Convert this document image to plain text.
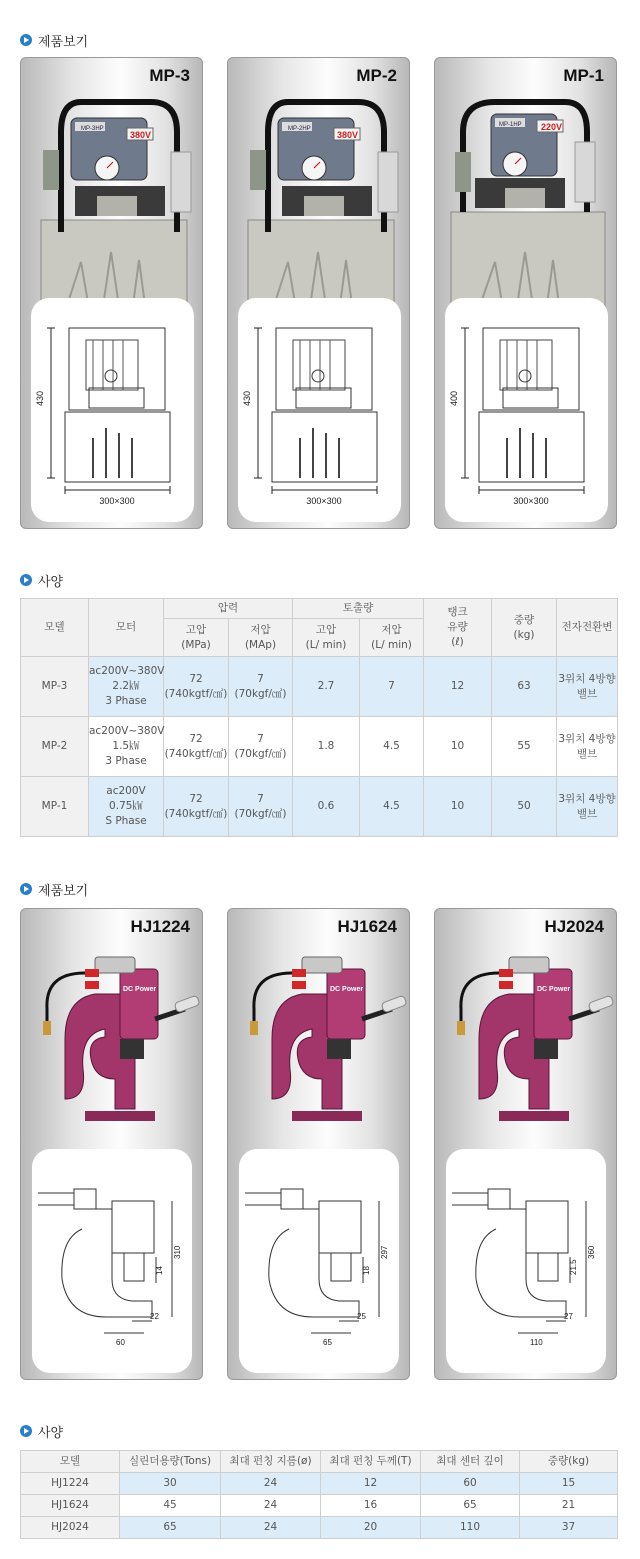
제품보기
MP-3
380V
MP-3HP
430
300×300
MP-2
380V
MP-2HP
430
300×300
MP-1
220V
MP-1HP
400
300×300
사양
모델	모터	압력		토출량		탱크
유량
(ℓ)	중량
(kg)	전자전환변
		고압
(MPa)	저압
(MAp)	고압
(L/ min)	저압
(L/ min)			
MP-3	ac200V~380V
2.2㎾
3 Phase	72
(740kgtf/㎠)	7
(70kgf/㎠)	2.7	7	12	63	3위치 4방향
밸브
MP-2	ac200V~380V
1.5㎾
3 Phase	72
(740kgtf/㎠)	7
(70kgf/㎠)	1.8	4.5	10	55	3위치 4방향
밸브
MP-1	ac200V
0.75㎾
S Phase	72
(740kgtf/㎠)	7
(70kgf/㎠)	0.6	4.5	10	50	3위치 4방향
밸브
제품보기
HJ1224
DC Power
310
14
22
60
HJ1624
DC Power
297
18
25
65
HJ2024
DC Power
360
21.5
27
110
사양
모델	실린더용량(Tons)	최대 펀칭 지름(ø)	최대 펀칭 두께(T)	최대 센터 깊이	중량(kg)
HJ1224	30	24	12	60	15
HJ1624	45	24	16	65	21
HJ2024	65	24	20	110	37
